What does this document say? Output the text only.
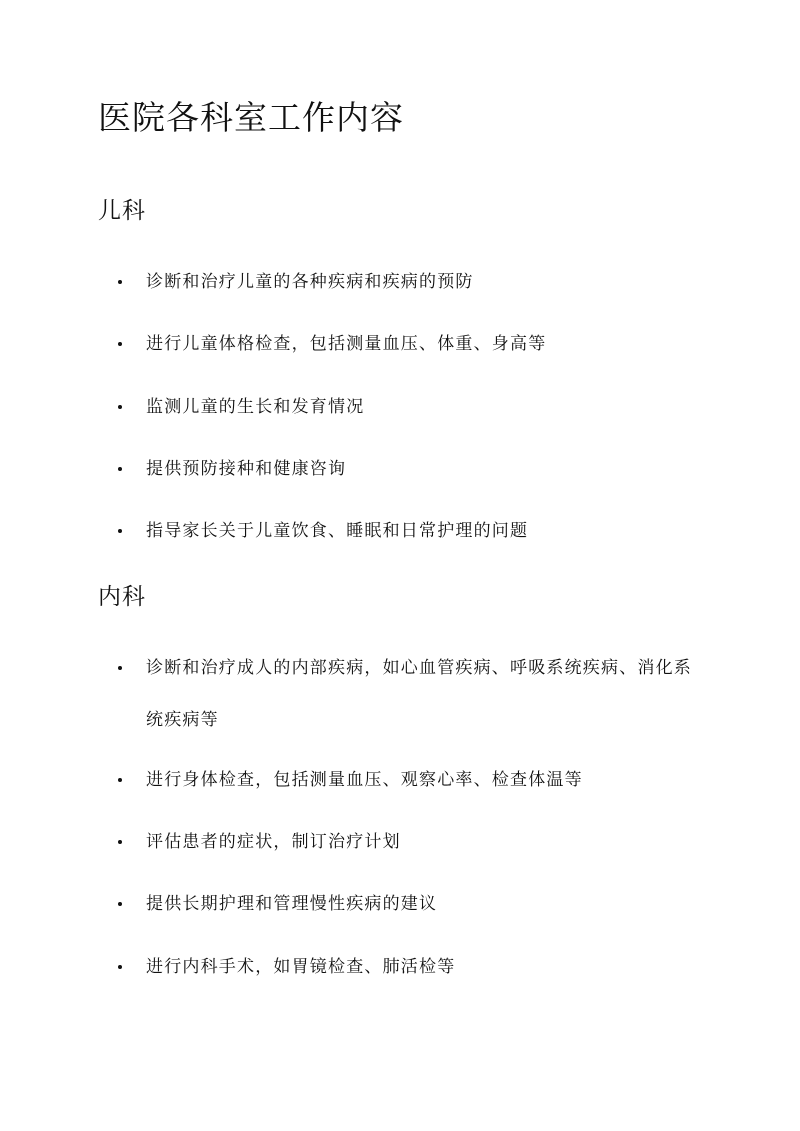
医院各科室工作内容
儿科
诊断和治疗儿童的各种疾病和疾病的预防
进行儿童体格检查，包括测量血压、体重、身高等
监测儿童的生长和发育情况
提供预防接种和健康咨询
指导家长关于儿童饮食、睡眠和日常护理的问题
内科
诊断和治疗成人的内部疾病，如心血管疾病、呼吸系统疾病、消化系统疾病等
进行身体检查，包括测量血压、观察心率、检查体温等
评估患者的症状，制订治疗计划
提供长期护理和管理慢性疾病的建议
进行内科手术，如胃镜检查、肺活检等
